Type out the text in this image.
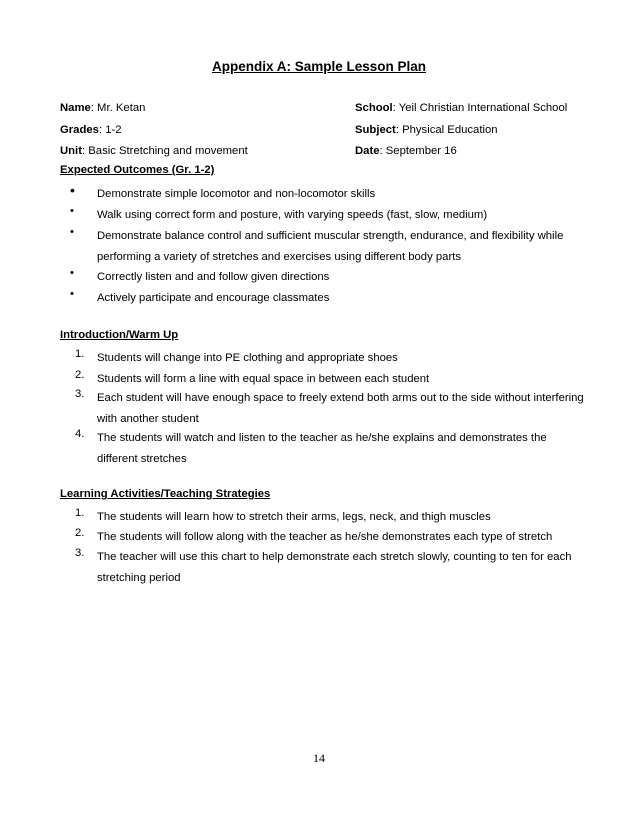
Appendix A: Sample Lesson Plan
Name: Mr. Ketan	School: Yeil Christian International School
Grades: 1-2	Subject: Physical Education
Unit: Basic Stretching and movement	Date: September 16
Expected Outcomes (Gr. 1-2)
• Demonstrate simple locomotor and non-locomotor skills
• Walk using correct form and posture, with varying speeds (fast, slow, medium)
• Demonstrate balance control and sufficient muscular strength, endurance, and flexibility while performing a variety of stretches and exercises using different body parts
• Correctly listen and and follow given directions
• Actively participate and encourage classmates
Introduction/Warm Up
1. Students will change into PE clothing and appropriate shoes
2. Students will form a line with equal space in between each student
3. Each student will have enough space to freely extend both arms out to the side without interfering with another student
4. The students will watch and listen to the teacher as he/she explains and demonstrates the different stretches
Learning Activities/Teaching Strategies
1. The students will learn how to stretch their arms, legs, neck, and thigh muscles
2. The students will follow along with the teacher as he/she demonstrates each type of stretch
3. The teacher will use this chart to help demonstrate each stretch slowly, counting to ten for each stretching period
14
